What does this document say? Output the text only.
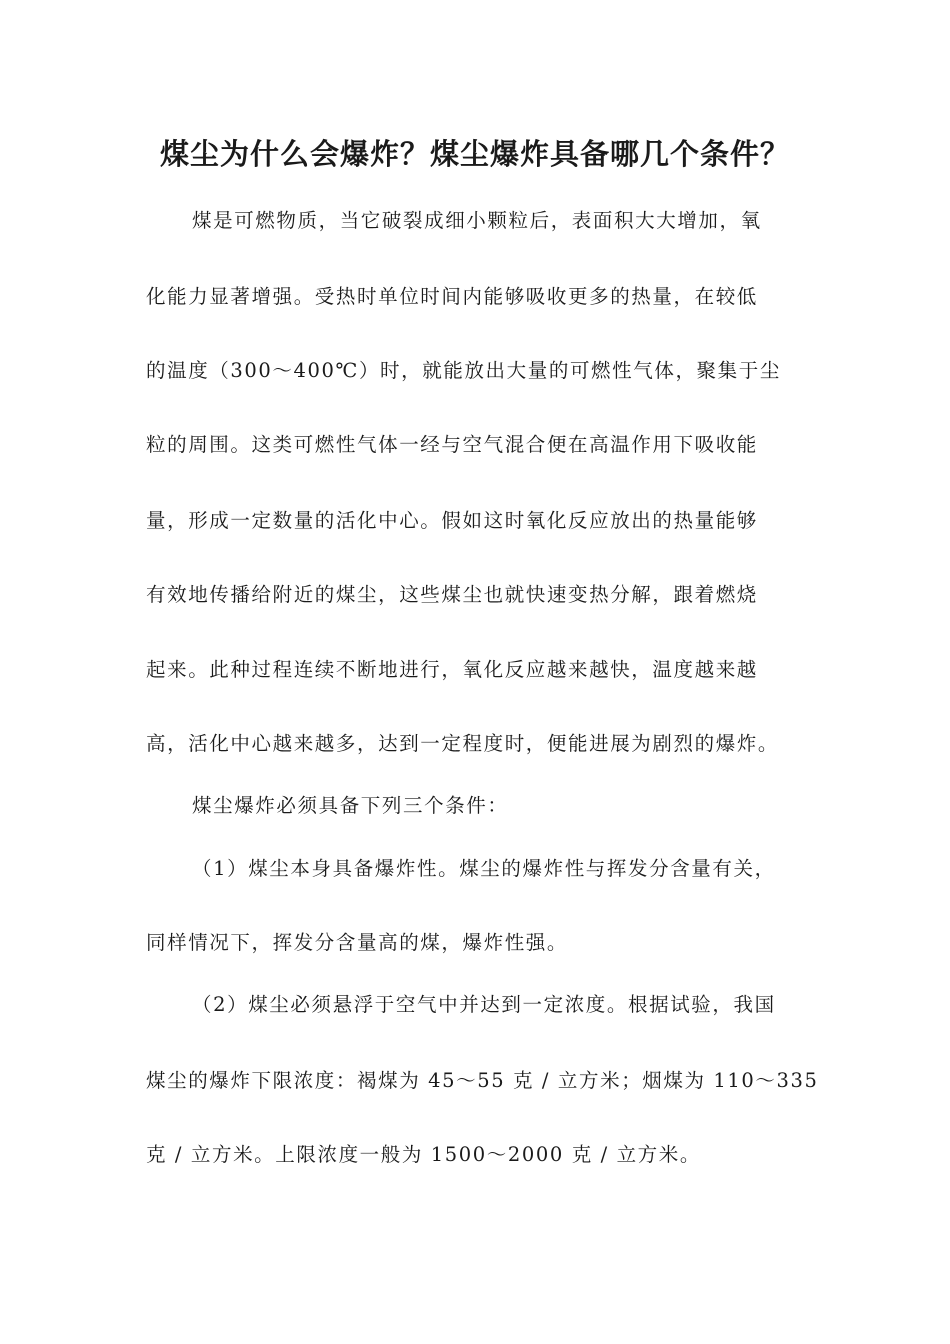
煤尘为什么会爆炸？煤尘爆炸具备哪几个条件？
煤是可燃物质，当它破裂成细小颗粒后，表面积大大增加，氧
化能力显著增强。受热时单位时间内能够吸收更多的热量，在较低
的温度（300～400℃）时，就能放出大量的可燃性气体，聚集于尘
粒的周围。这类可燃性气体一经与空气混合便在高温作用下吸收能
量，形成一定数量的活化中心。假如这时氧化反应放出的热量能够
有效地传播给附近的煤尘，这些煤尘也就快速变热分解，跟着燃烧
起来。此种过程连续不断地进行，氧化反应越来越快，温度越来越
高，活化中心越来越多，达到一定程度时，便能进展为剧烈的爆炸。
煤尘爆炸必须具备下列三个条件：
（1）煤尘本身具备爆炸性。煤尘的爆炸性与挥发分含量有关，
同样情况下，挥发分含量高的煤，爆炸性强。
（2）煤尘必须悬浮于空气中并达到一定浓度。根据试验，我国
煤尘的爆炸下限浓度：褐煤为 45～55 克 / 立方米；烟煤为 110～335
克 / 立方米。上限浓度一般为 1500～2000 克 / 立方米。
